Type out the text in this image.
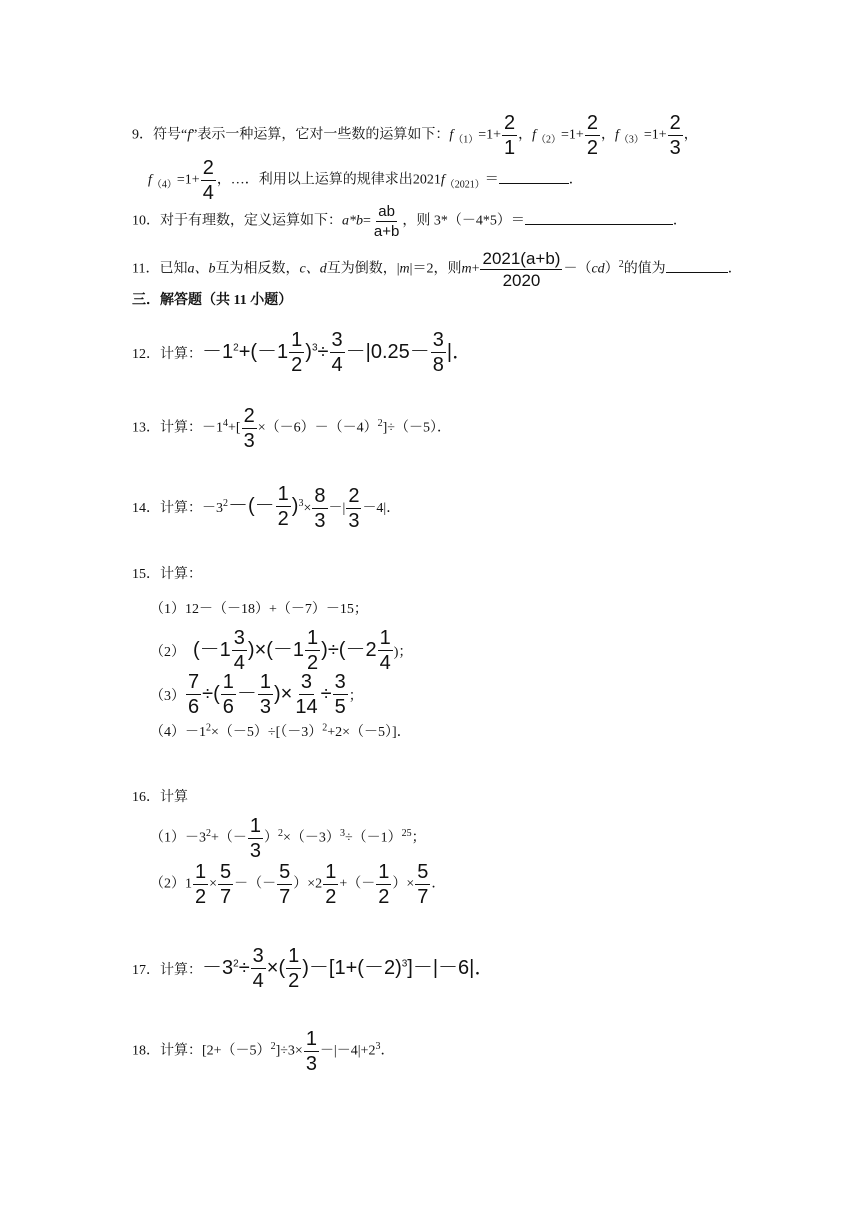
9．符号“f”表示一种运算，它对一些数的运算如下：$f_{(1)}=1+ \frac{2}{1}$ ，$f_{(2)}=1+ \frac{2}{2}$ ，$f_{(3)}=1+ \frac{2}{3}$ ，
$f_{(4)}=1+ \frac{2}{4}$ ，…．利用以上运算的规律求出$2021f_{(2021)}=$	．
10．对于有理数，定义运算如下：$a*b= \frac{ab}{a+b}$ ，则 3*（－4*5）＝	．
11．已知a、b互为相反数，c、d互为倒数，|m|＝2，则$m+ \frac{2021(a+b)}{2020} -(cd)^2$的值为	．
三．解答题（共 11 小题）
12．计算：$-1^2+(-1 \frac{1}{2} )^3\div \frac{3}{4} -|0.25- \frac{3}{8}$ |．
13．计算：$-1^4+[ \frac{2}{3} \times(-6)-(-4)^2]\div(-5)$．
14．计算：$-3^2-(- \frac{1}{2} )^3\times \frac{8}{3}$ －| $\frac{2}{3} -4|$．
15．计算：
（1）12－（－18）+（－7）－15；
（2） $(-1 \frac{3}{4} )\times(-1 \frac{1}{2} )\div(-2 \frac{1}{4}$ )；
$(3) \frac{7}{6}$ ÷( $\frac{1}{6} - \frac{1}{3}$ )× $\frac{3}{14} \div \frac{3}{5}$ ；
$(4)-1^2\times(-5)\div[(-3)^2+2\times(-5)]$．
16．计算
$(1)-3^2+(- \frac{1}{3} )^2\times(-3)^3\div(-1)^{25}$；
$(2)1 \frac{1}{2} \times \frac{5}{7}$ －（－ $\frac{5}{7} )\times 2 \frac{1}{2}$ +（－ $\frac{1}{2}$ ）× $\frac{5}{7}$ ．
17．计算：$-3^2\div \frac{3}{4}$ ×( $\frac{1}{2} )-[1+(-2)^3]-|-6|$．
18．计算：$[2+(-5)^2]\div 3\times \frac{1}{3} -|-4|+2^3$．
